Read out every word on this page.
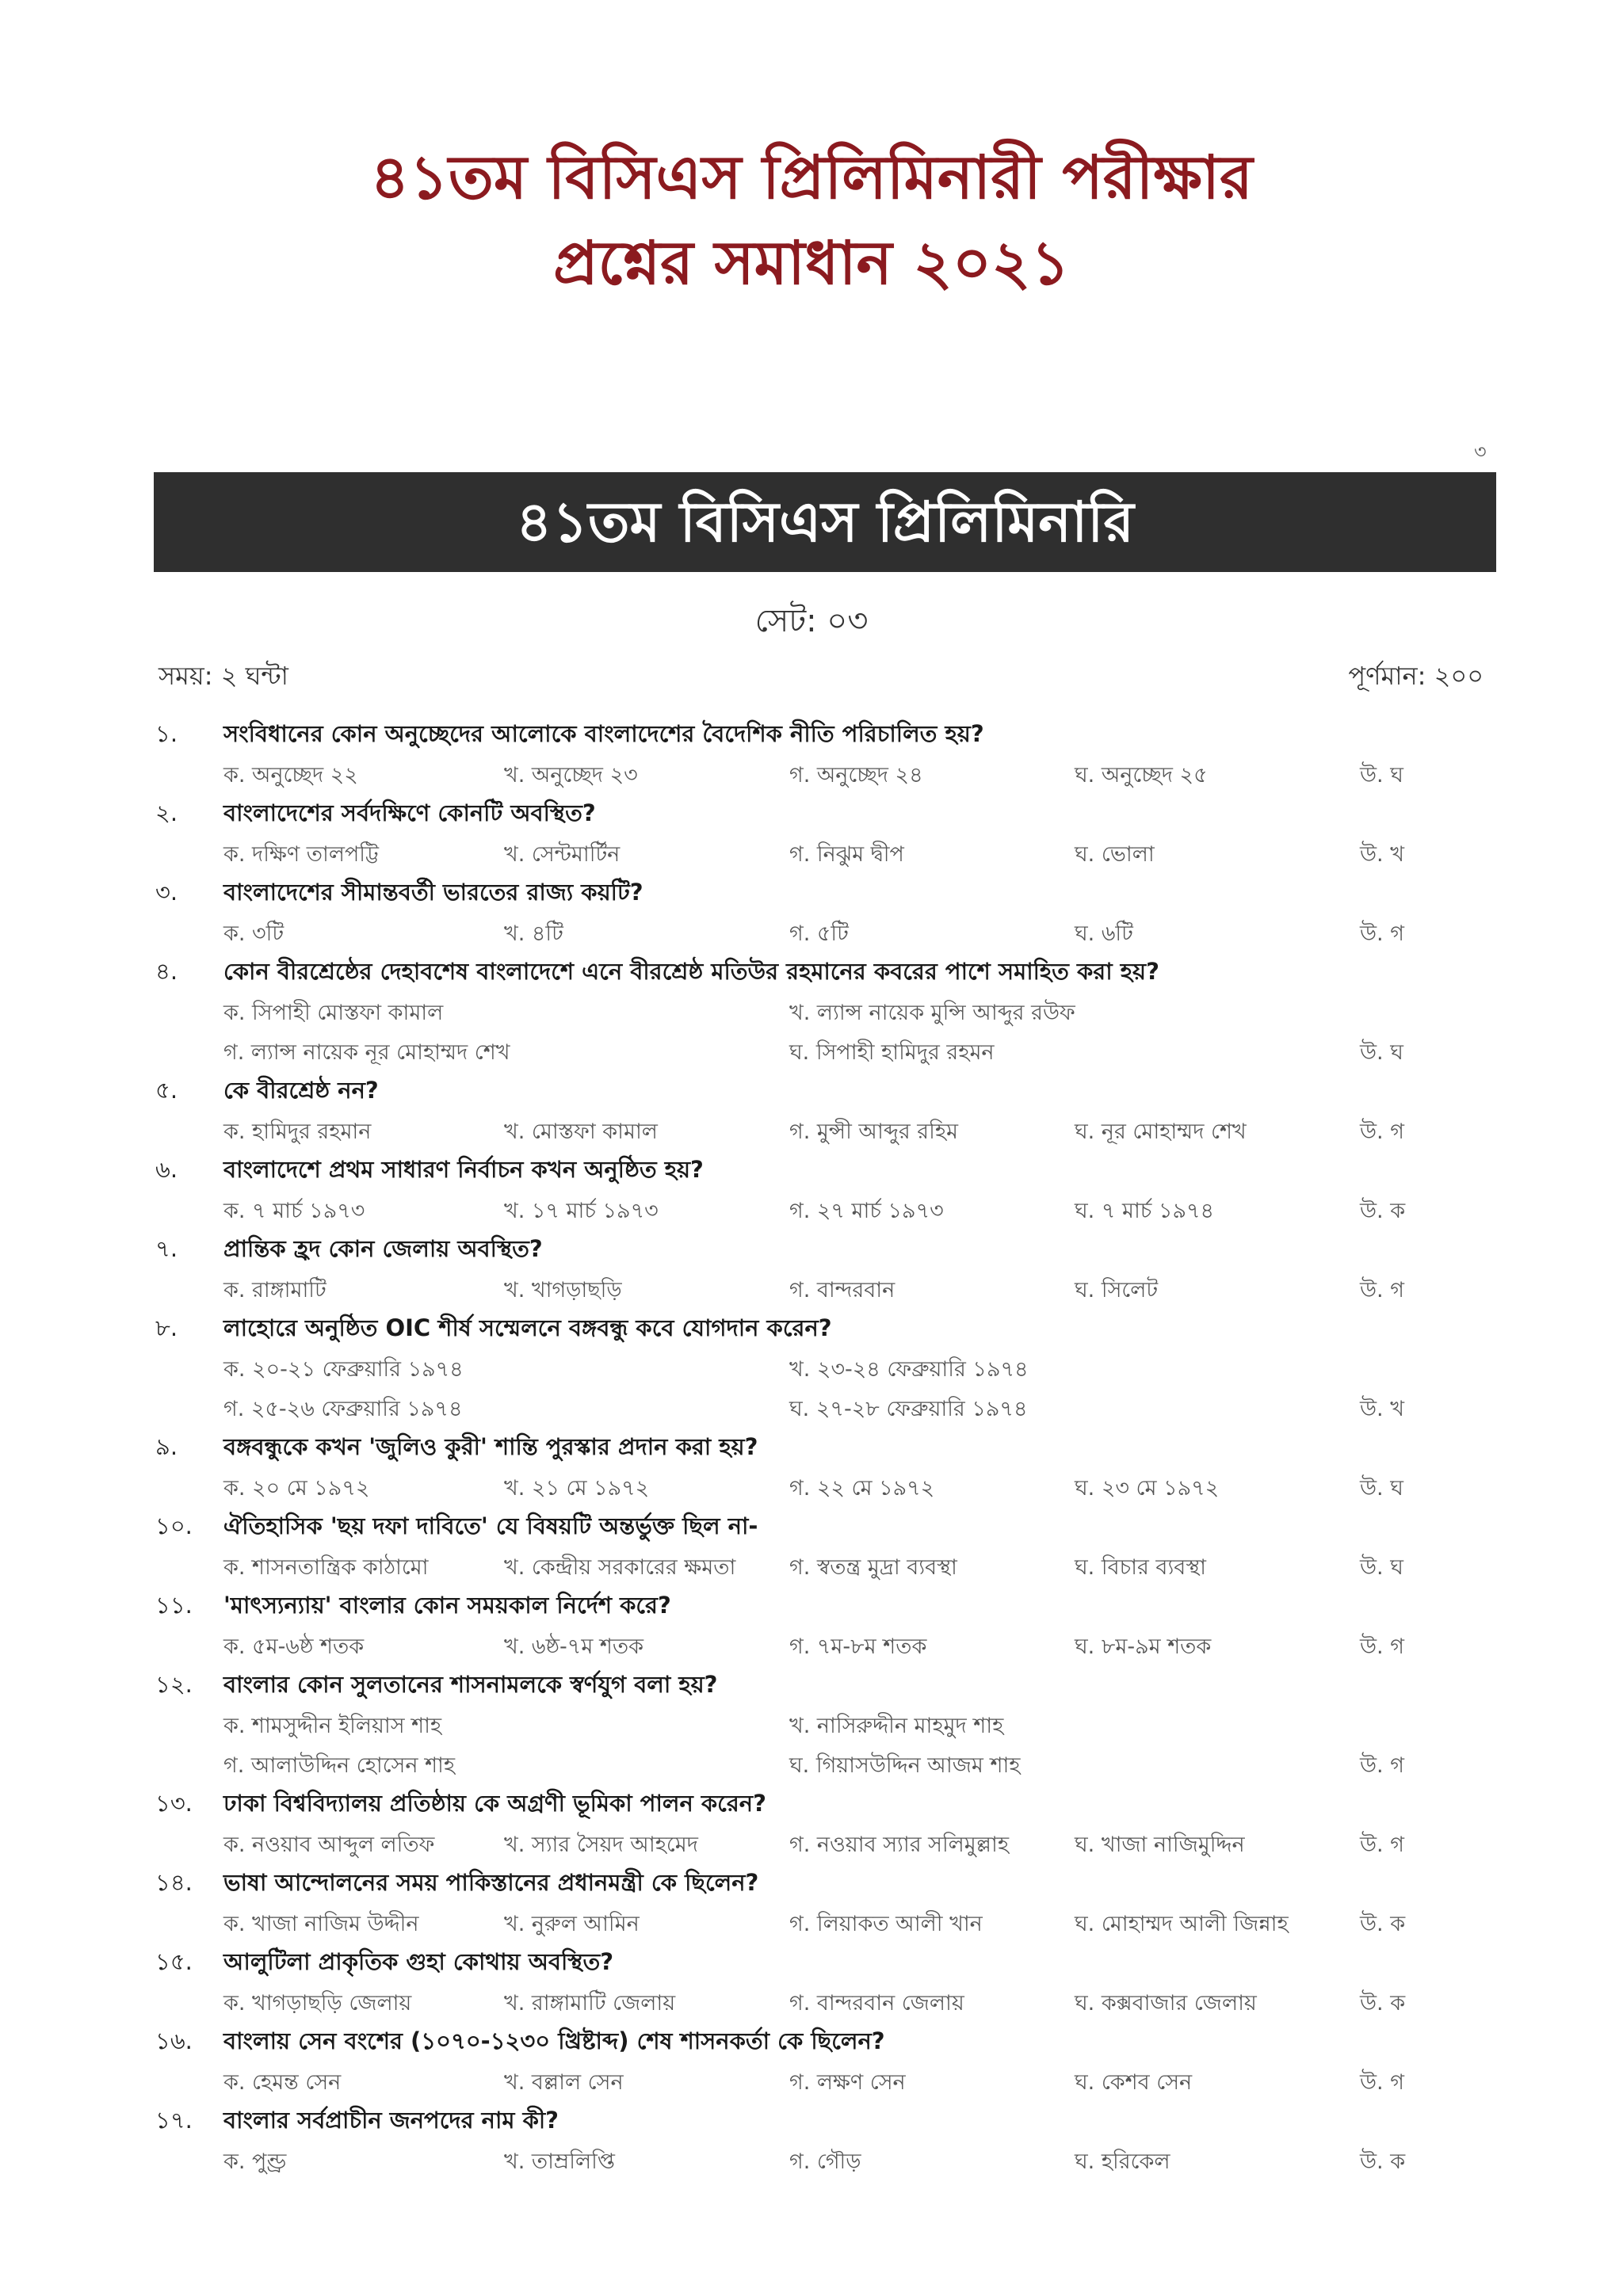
৪১তম বিসিএস প্রিলিমিনারী পরীক্ষার
প্রশ্নের সমাধান ২০২১
৩
৪১তম বিসিএস প্রিলিমিনারি
সেট: ০৩
সময়: ২ ঘন্টা	পূর্ণমান: ২০০
১. সংবিধানের কোন অনুচ্ছেদের আলোকে বাংলাদেশের বৈদেশিক নীতি পরিচালিত হয়?
ক. অনুচ্ছেদ ২২	খ. অনুচ্ছেদ ২৩	গ. অনুচ্ছেদ ২৪	ঘ. অনুচ্ছেদ ২৫	উ. ঘ
২. বাংলাদেশের সর্বদক্ষিণে কোনটি অবস্থিত?
ক. দক্ষিণ তালপট্টি	খ. সেন্টমার্টিন	গ. নিঝুম দ্বীপ	ঘ. ভোলা	উ. খ
৩. বাংলাদেশের সীমান্তবর্তী ভারতের রাজ্য কয়টি?
ক. ৩টি	খ. ৪টি	গ. ৫টি	ঘ. ৬টি	উ. গ
৪. কোন বীরশ্রেষ্ঠের দেহাবশেষ বাংলাদেশে এনে বীরশ্রেষ্ঠ মতিউর রহমানের কবরের পাশে সমাহিত করা হয়?
ক. সিপাহী মোস্তফা কামাল	খ. ল্যান্স নায়েক মুন্সি আব্দুর রউফ
গ. ল্যান্স নায়েক নূর মোহাম্মদ শেখ	ঘ. সিপাহী হামিদুর রহমন	উ. ঘ
৫. কে বীরশ্রেষ্ঠ নন?
ক. হামিদুর রহমান	খ. মোস্তফা কামাল	গ. মুন্সী আব্দুর রহিম	ঘ. নূর মোহাম্মদ শেখ	উ. গ
৬. বাংলাদেশে প্রথম সাধারণ নির্বাচন কখন অনুষ্ঠিত হয়?
ক. ৭ মার্চ ১৯৭৩	খ. ১৭ মার্চ ১৯৭৩	গ. ২৭ মার্চ ১৯৭৩	ঘ. ৭ মার্চ ১৯৭৪	উ. ক
৭. প্রান্তিক হ্রদ কোন জেলায় অবস্থিত?
ক. রাঙ্গামাটি	খ. খাগড়াছড়ি	গ. বান্দরবান	ঘ. সিলেট	উ. গ
৮. লাহোরে অনুষ্ঠিত OIC শীর্ষ সম্মেলনে বঙ্গবন্ধু কবে যোগদান করেন?
ক. ২০-২১ ফেব্রুয়ারি ১৯৭৪	খ. ২৩-২৪ ফেব্রুয়ারি ১৯৭৪
গ. ২৫-২৬ ফেব্রুয়ারি ১৯৭৪	ঘ. ২৭-২৮ ফেব্রুয়ারি ১৯৭৪	উ. খ
৯. বঙ্গবন্ধুকে কখন 'জুলিও কুরী' শান্তি পুরস্কার প্রদান করা হয়?
ক. ২০ মে ১৯৭২	খ. ২১ মে ১৯৭২	গ. ২২ মে ১৯৭২	ঘ. ২৩ মে ১৯৭২	উ. ঘ
১০. ঐতিহাসিক 'ছয় দফা দাবিতে' যে বিষয়টি অন্তর্ভুক্ত ছিল না-
ক. শাসনতান্ত্রিক কাঠামো	খ. কেন্দ্রীয় সরকারের ক্ষমতা	গ. স্বতন্ত্র মুদ্রা ব্যবস্থা	ঘ. বিচার ব্যবস্থা	উ. ঘ
১১. 'মাৎস্যন্যায়' বাংলার কোন সময়কাল নির্দেশ করে?
ক. ৫ম-৬ষ্ঠ শতক	খ. ৬ষ্ঠ-৭ম শতক	গ. ৭ম-৮ম শতক	ঘ. ৮ম-৯ম শতক	উ. গ
১২. বাংলার কোন সুলতানের শাসনামলকে স্বর্ণযুগ বলা হয়?
ক. শামসুদ্দীন ইলিয়াস শাহ	খ. নাসিরুদ্দীন মাহমুদ শাহ
গ. আলাউদ্দিন হোসেন শাহ	ঘ. গিয়াসউদ্দিন আজম শাহ	উ. গ
১৩. ঢাকা বিশ্ববিদ্যালয় প্রতিষ্ঠায় কে অগ্রণী ভূমিকা পালন করেন?
ক. নওয়াব আব্দুল লতিফ	খ. স্যার সৈয়দ আহমেদ	গ. নওয়াব স্যার সলিমুল্লাহ	ঘ. খাজা নাজিমুদ্দিন	উ. গ
১৪. ভাষা আন্দোলনের সময় পাকিস্তানের প্রধানমন্ত্রী কে ছিলেন?
ক. খাজা নাজিম উদ্দীন	খ. নুরুল আমিন	গ. লিয়াকত আলী খান	ঘ. মোহাম্মদ আলী জিন্নাহ	উ. ক
১৫. আলুটিলা প্রাকৃতিক গুহা কোথায় অবস্থিত?
ক. খাগড়াছড়ি জেলায়	খ. রাঙ্গামাটি জেলায়	গ. বান্দরবান জেলায়	ঘ. কক্সবাজার জেলায়	উ. ক
১৬. বাংলায় সেন বংশের (১০৭০-১২৩০ খ্রিষ্টাব্দ) শেষ শাসনকর্তা কে ছিলেন?
ক. হেমন্ত সেন	খ. বল্লাল সেন	গ. লক্ষণ সেন	ঘ. কেশব সেন	উ. গ
১৭. বাংলার সর্বপ্রাচীন জনপদের নাম কী?
ক. পুণ্ড্র	খ. তাম্রলিপ্তি	গ. গৌড়	ঘ. হরিকেল	উ. ক
